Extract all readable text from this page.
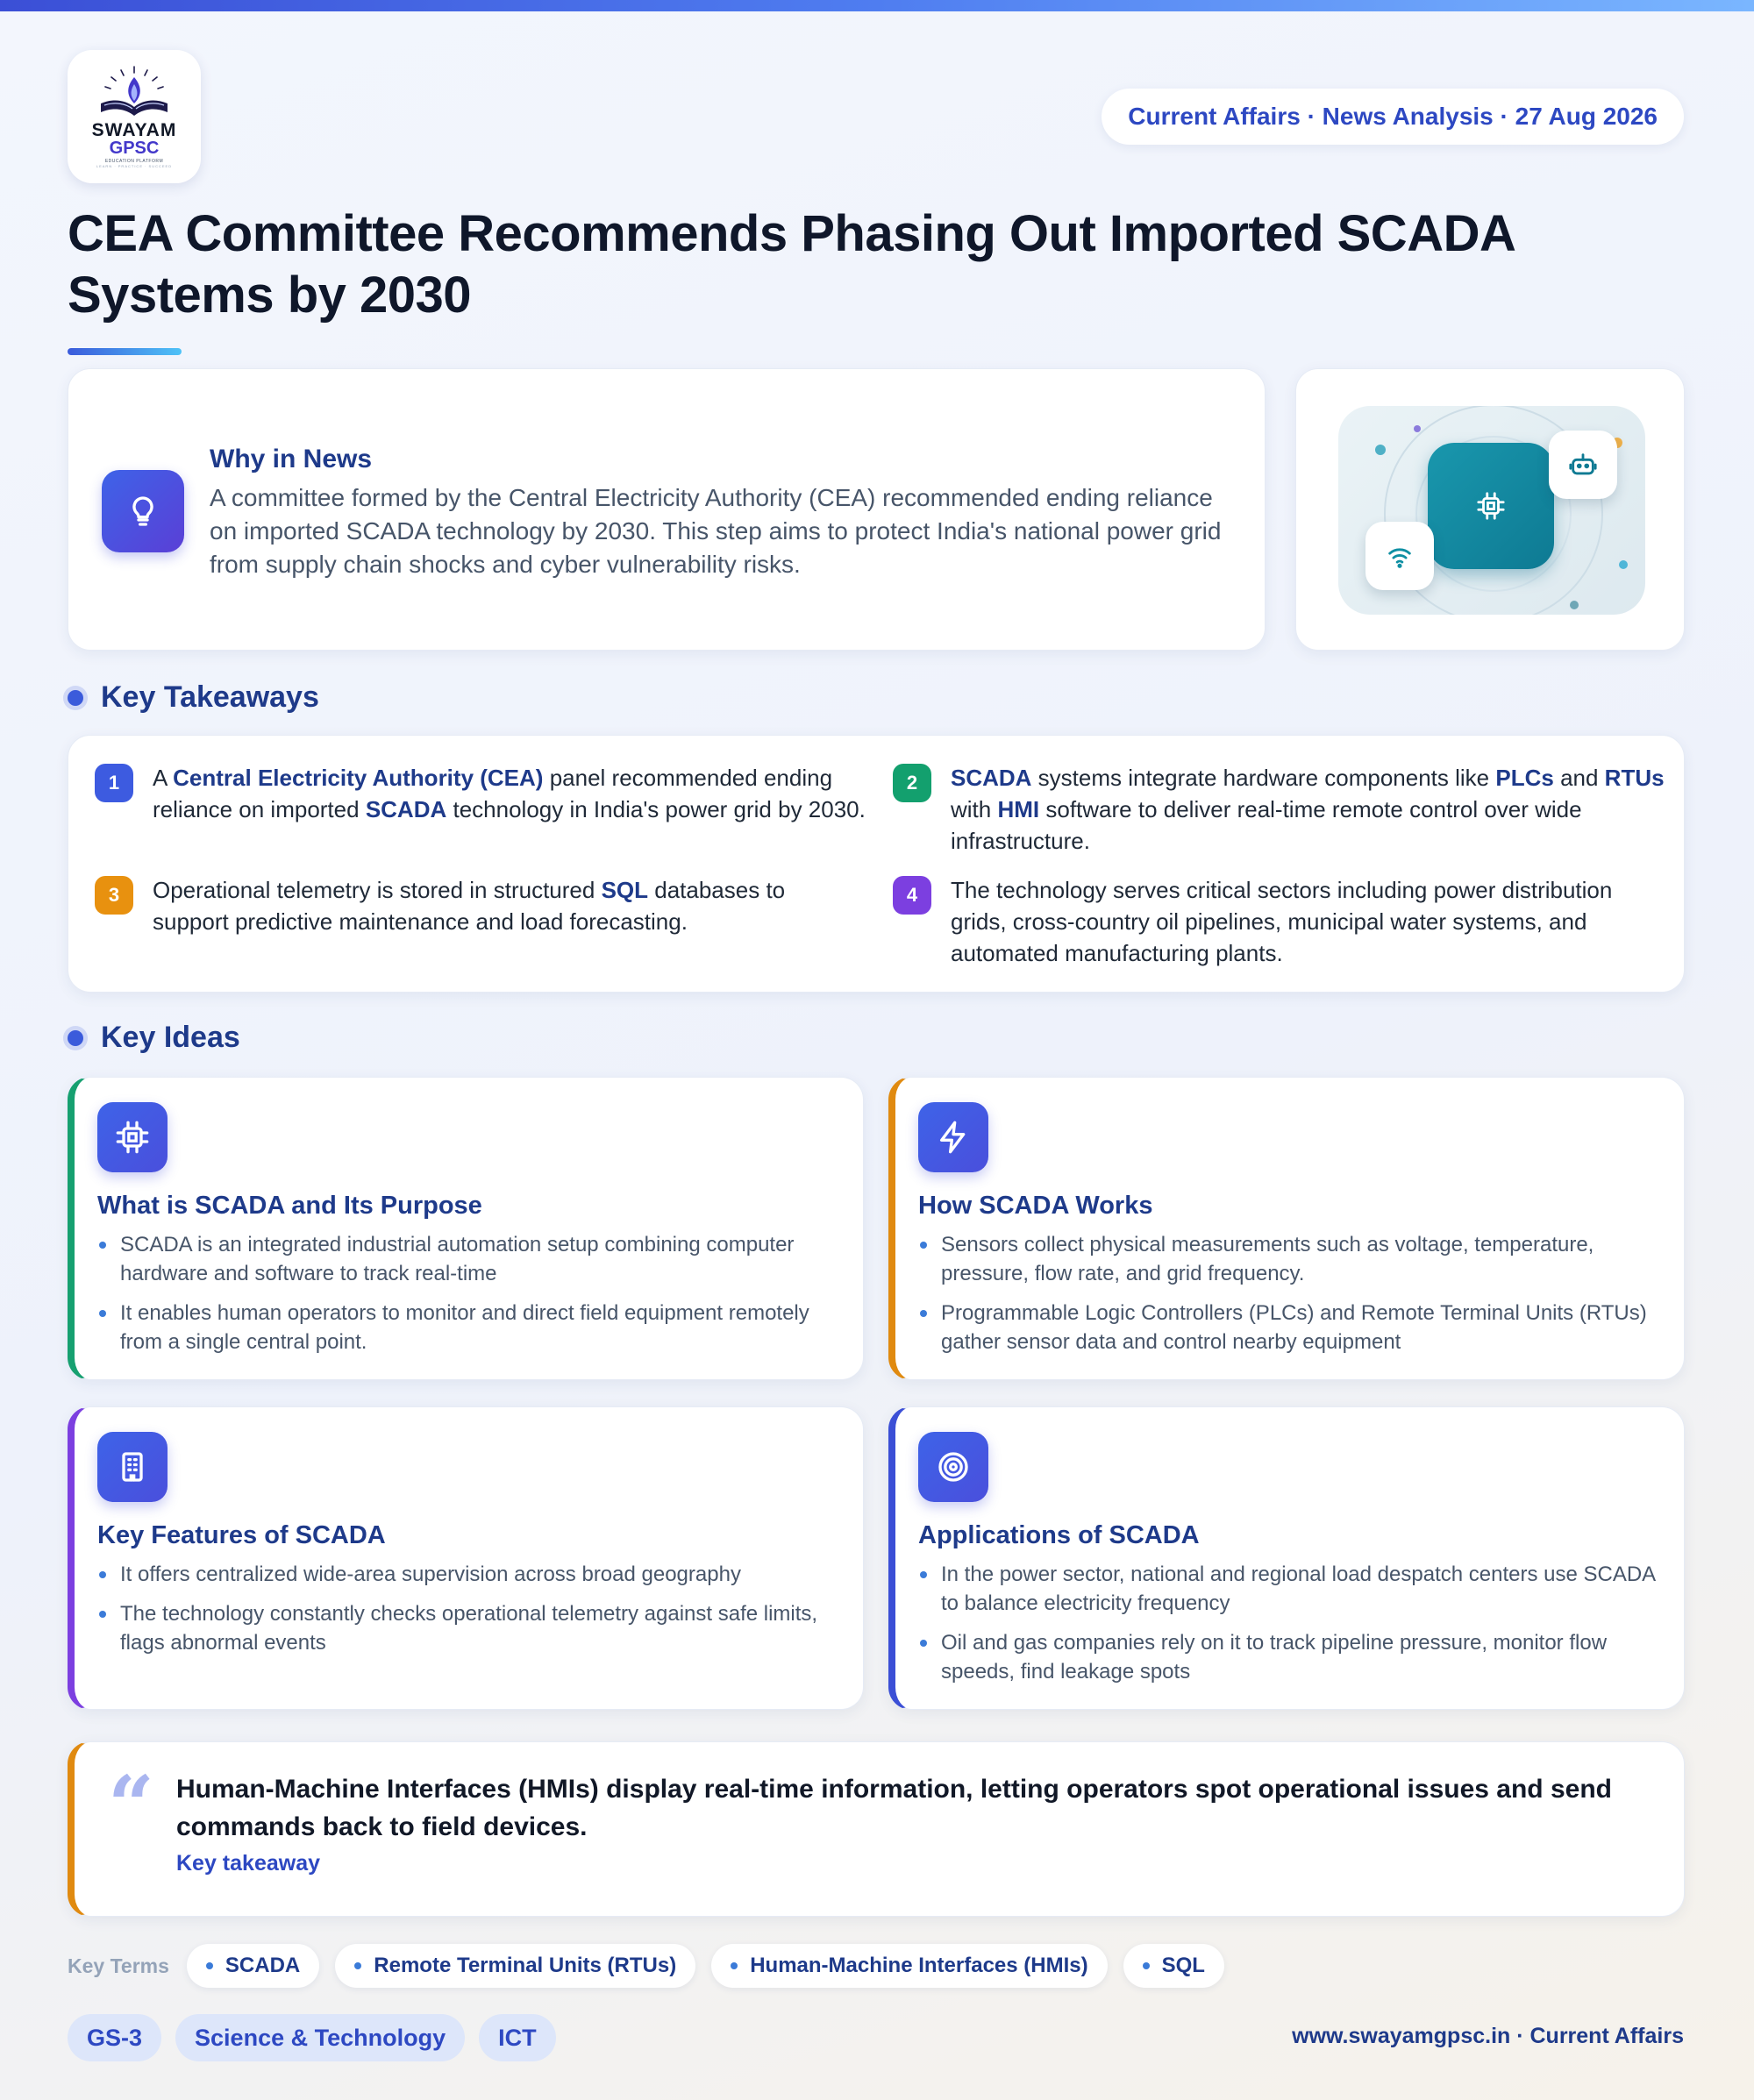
SWAYAM
GPSC
EDUCATION PLATFORM
LEARN · PRACTICE · SUCCEED
Current Affairs · News Analysis · 27 Aug 2026
CEA Committee Recommends Phasing Out Imported SCADA Systems by 2030
Why in News
A committee formed by the Central Electricity Authority (CEA) recommended ending reliance on imported SCADA technology by 2030. This step aims to protect India's national power grid from supply chain shocks and cyber vulnerability risks.
Key Takeaways
1	A Central Electricity Authority (CEA) panel recommended ending reliance on imported SCADA technology in India's power grid by 2030.
2	SCADA systems integrate hardware components like PLCs and RTUs with HMI software to deliver real-time remote control over wide infrastructure.
3	Operational telemetry is stored in structured SQL databases to support predictive maintenance and load forecasting.
4	The technology serves critical sectors including power distribution grids, cross-country oil pipelines, municipal water systems, and automated manufacturing plants.
Key Ideas
What is SCADA and Its Purpose
SCADA is an integrated industrial automation setup combining computer hardware and software to track real-time
It enables human operators to monitor and direct field equipment remotely from a single central point.
How SCADA Works
Sensors collect physical measurements such as voltage, temperature, pressure, flow rate, and grid frequency.
Programmable Logic Controllers (PLCs) and Remote Terminal Units (RTUs) gather sensor data and control nearby equipment
Key Features of SCADA
It offers centralized wide-area supervision across broad geography
The technology constantly checks operational telemetry against safe limits, flags abnormal events
Applications of SCADA
In the power sector, national and regional load despatch centers use SCADA to balance electricity frequency
Oil and gas companies rely on it to track pipeline pressure, monitor flow speeds, find leakage spots
“ Human-Machine Interfaces (HMIs) display real-time information, letting operators spot operational issues and send commands back to field devices.
Key takeaway
Key Terms	SCADA	Remote Terminal Units (RTUs)	Human-Machine Interfaces (HMIs)	SQL
GS-3	Science & Technology	ICT	www.swayamgpsc.in · Current Affairs
